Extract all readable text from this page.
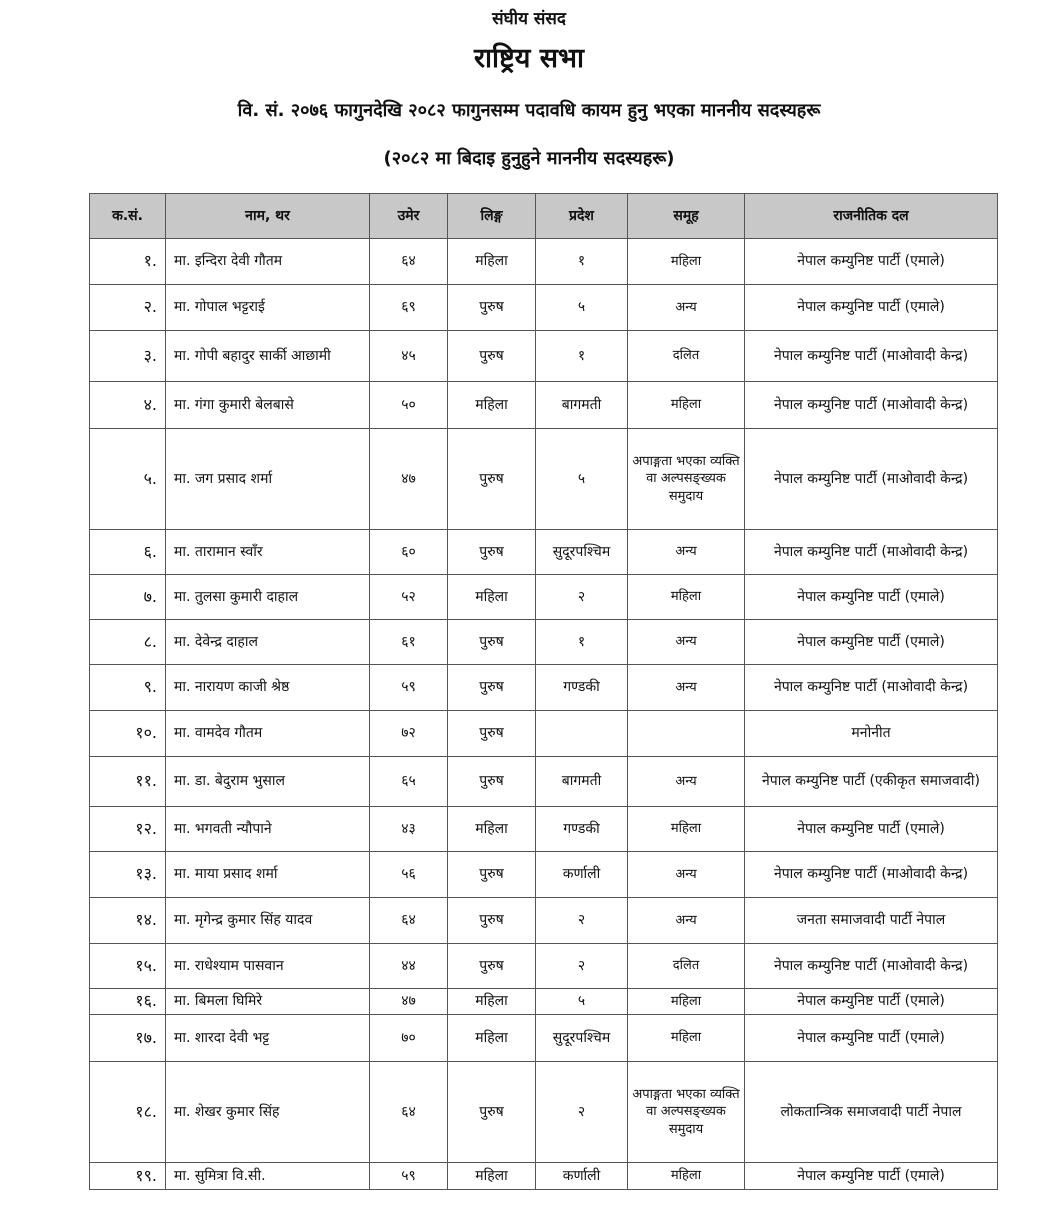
संघीय संसद
राष्ट्रिय सभा
वि. सं. २०७६ फागुनदेखि २०८२ फागुनसम्म पदावधि कायम हुनु भएका माननीय सदस्यहरू
(२०८२ मा बिदाइ हुनुहुने माननीय सदस्यहरू)
क.सं.	नाम, थर	उमेर	लिङ्ग	प्रदेश	समूह	राजनीतिक दल
१.	मा. इन्दिरा देवी गौतम	६४	महिला	१	महिला	नेपाल कम्युनिष्ट पार्टी (एमाले)
२.	मा. गोपाल भट्टराई	६९	पुरुष	५	अन्य	नेपाल कम्युनिष्ट पार्टी (एमाले)
३.	मा. गोपी बहादुर सार्की आछामी	४५	पुरुष	१	दलित	नेपाल कम्युनिष्ट पार्टी (माओवादी केन्द्र)
४.	मा. गंगा कुमारी बेलबासे	५०	महिला	बागमती	महिला	नेपाल कम्युनिष्ट पार्टी (माओवादी केन्द्र)
५.	मा. जग प्रसाद शर्मा	४७	पुरुष	५	अपाङ्गता भएका व्यक्ति वा अल्पसङ्ख्यक समुदाय	नेपाल कम्युनिष्ट पार्टी (माओवादी केन्द्र)
६.	मा. तारामान स्वाँर	६०	पुरुष	सुदूरपश्चिम	अन्य	नेपाल कम्युनिष्ट पार्टी (माओवादी केन्द्र)
७.	मा. तुलसा कुमारी दाहाल	५२	महिला	२	महिला	नेपाल कम्युनिष्ट पार्टी (एमाले)
८.	मा. देवेन्द्र दाहाल	६१	पुरुष	१	अन्य	नेपाल कम्युनिष्ट पार्टी (एमाले)
९.	मा. नारायण काजी श्रेष्ठ	५९	पुरुष	गण्डकी	अन्य	नेपाल कम्युनिष्ट पार्टी (माओवादी केन्द्र)
१०.	मा. वामदेव गौतम	७२	पुरुष			मनोनीत
११.	मा. डा. बेदुराम भुसाल	६५	पुरुष	बागमती	अन्य	नेपाल कम्युनिष्ट पार्टी (एकीकृत समाजवादी)
१२.	मा. भगवती न्यौपाने	४३	महिला	गण्डकी	महिला	नेपाल कम्युनिष्ट पार्टी (एमाले)
१३.	मा. माया प्रसाद शर्मा	५६	पुरुष	कर्णाली	अन्य	नेपाल कम्युनिष्ट पार्टी (माओवादी केन्द्र)
१४.	मा. मृगेन्द्र कुमार सिंह यादव	६४	पुरुष	२	अन्य	जनता समाजवादी पार्टी नेपाल
१५.	मा. राधेश्याम पासवान	४४	पुरुष	२	दलित	नेपाल कम्युनिष्ट पार्टी (माओवादी केन्द्र)
१६.	मा. बिमला घिमिरे	४७	महिला	५	महिला	नेपाल कम्युनिष्ट पार्टी (एमाले)
१७.	मा. शारदा देवी भट्ट	७०	महिला	सुदूरपश्चिम	महिला	नेपाल कम्युनिष्ट पार्टी (एमाले)
१८.	मा. शेखर कुमार सिंह	६४	पुरुष	२	अपाङ्गता भएका व्यक्ति वा अल्पसङ्ख्यक समुदाय	लोकतान्त्रिक समाजवादी पार्टी नेपाल
१९.	मा. सुमित्रा वि.सी.	५९	महिला	कर्णाली	महिला	नेपाल कम्युनिष्ट पार्टी (एमाले)
